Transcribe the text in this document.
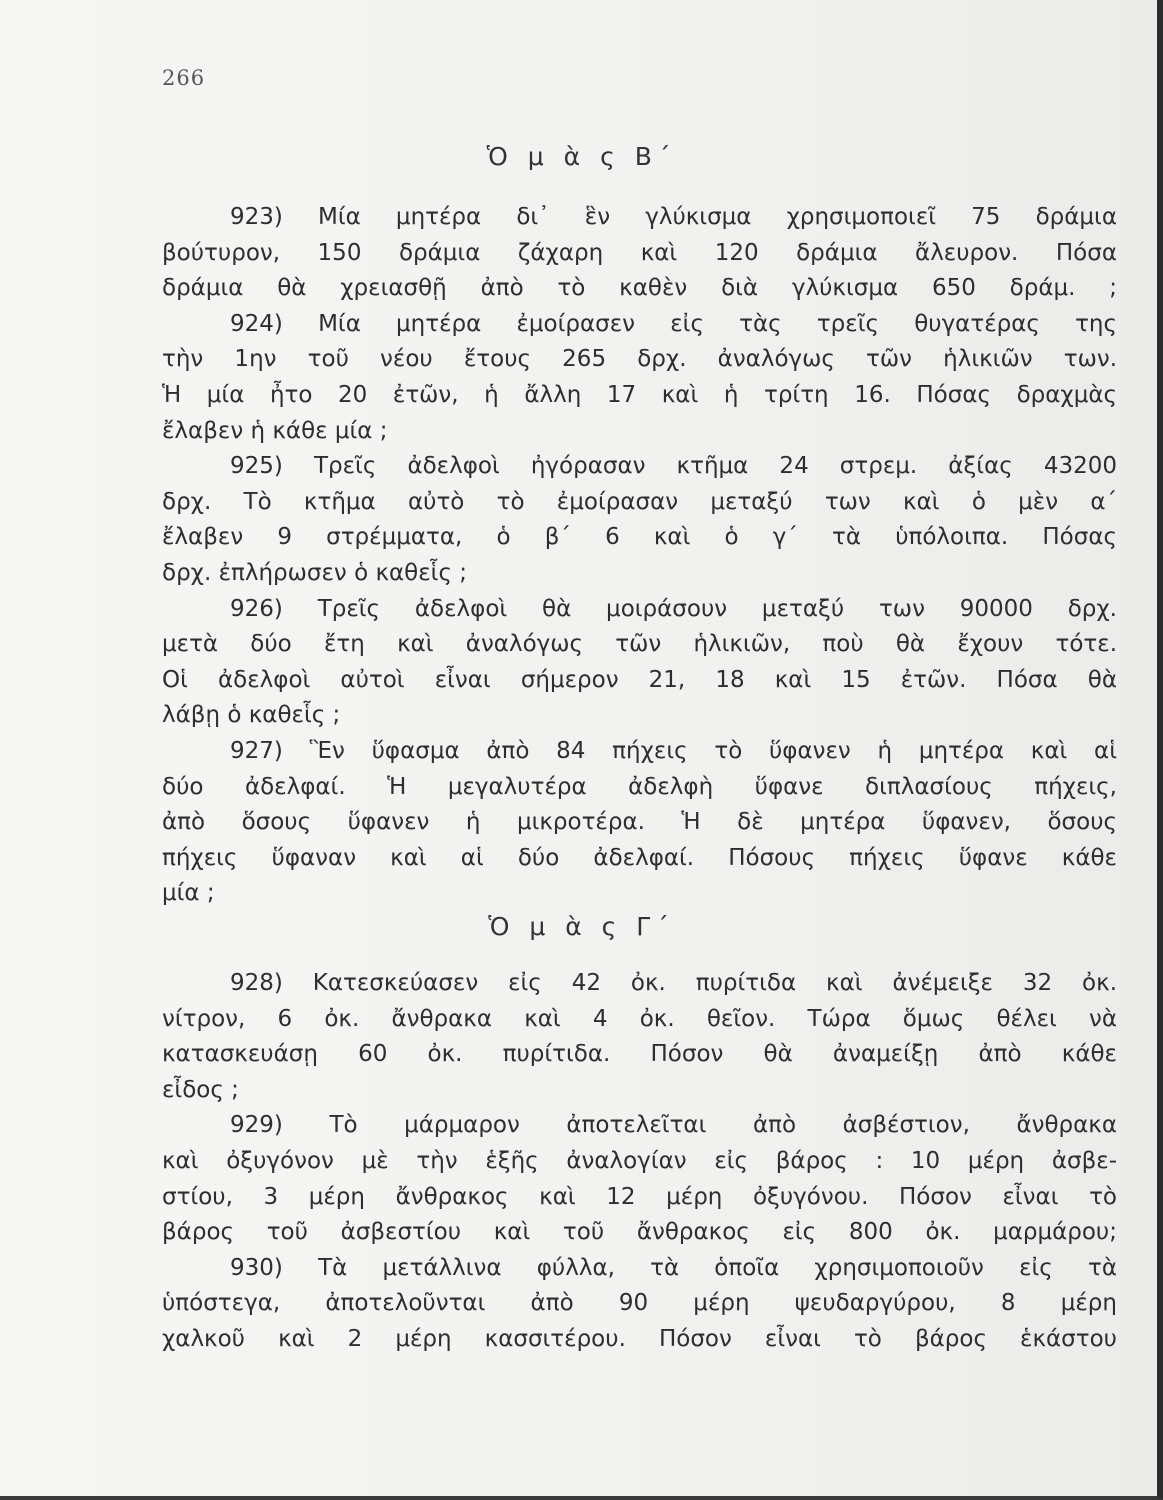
266
Ὁ μ ὰ ς Β΄
923) Μία μητέρα δι᾽ ἓν γλύκισμα χρησιμοποιεῖ 75 δράμια
βούτυρον, 150 δράμια ζάχαρη καὶ 120 δράμια ἄλευρον. Πόσα
δράμια θὰ χρειασθῇ ἀπὸ τὸ καθὲν διὰ γλύκισμα 650 δράμ. ;
924) Μία μητέρα ἐμοίρασεν εἰς τὰς τρεῖς θυγατέρας της
τὴν 1ην τοῦ νέου ἔτους 265 δρχ. ἀναλόγως τῶν ἡλικιῶν των.
Ἡ μία ἦτο 20 ἐτῶν, ἡ ἄλλη 17 καὶ ἡ τρίτη 16. Πόσας δραχμὰς
ἔλαβεν ἡ κάθε μία ;
925) Τρεῖς ἀδελφοὶ ἠγόρασαν κτῆμα 24 στρεμ. ἀξίας 43200
δρχ. Τὸ κτῆμα αὐτὸ τὸ ἐμοίρασαν μεταξύ των καὶ ὁ μὲν α΄
ἔλαβεν 9 στρέμματα, ὁ β΄ 6 καὶ ὁ γ΄ τὰ ὑπόλοιπα. Πόσας
δρχ. ἐπλήρωσεν ὁ καθεἷς ;
926) Τρεῖς ἀδελφοὶ θὰ μοιράσουν μεταξύ των 90000 δρχ.
μετὰ δύο ἔτη καὶ ἀναλόγως τῶν ἡλικιῶν, ποὺ θὰ ἔχουν τότε.
Οἱ ἀδελφοὶ αὐτοὶ εἶναι σήμερον 21, 18 καὶ 15 ἐτῶν. Πόσα θὰ
λάβῃ ὁ καθεἷς ;
927) Ἓν ὕφασμα ἀπὸ 84 πήχεις τὸ ὕφανεν ἡ μητέρα καὶ αἱ
δύο ἀδελφαί. Ἡ μεγαλυτέρα ἀδελφὴ ὕφανε διπλασίους πήχεις,
ἀπὸ ὅσους ὕφανεν ἡ μικροτέρα. Ἡ δὲ μητέρα ὕφανεν, ὅσους
πήχεις ὕφαναν καὶ αἱ δύο ἀδελφαί. Πόσους πήχεις ὕφανε κάθε
μία ;
Ὁ μ ὰ ς Γ΄
928) Κατεσκεύασεν εἰς 42 ὀκ. πυρίτιδα καὶ ἀνέμειξε 32 ὀκ.
νίτρον, 6 ὀκ. ἄνθρακα καὶ 4 ὀκ. θεῖον. Τώρα ὅμως θέλει νὰ
κατασκευάσῃ 60 ὀκ. πυρίτιδα. Πόσον θὰ ἀναμείξῃ ἀπὸ κάθε
εἶδος ;
929) Τὸ μάρμαρον ἀποτελεῖται ἀπὸ ἀσβέστιον, ἄνθρακα
καὶ ὀξυγόνον μὲ τὴν ἑξῆς ἀναλογίαν εἰς βάρος : 10 μέρη ἀσβε-
στίου, 3 μέρη ἄνθρακος καὶ 12 μέρη ὀξυγόνου. Πόσον εἶναι τὸ
βάρος τοῦ ἀσβεστίου καὶ τοῦ ἄνθρακος εἰς 800 ὀκ. μαρμάρου;
930) Τὰ μετάλλινα φύλλα, τὰ ὁποῖα χρησιμοποιοῦν εἰς τὰ
ὑπόστεγα, ἀποτελοῦνται ἀπὸ 90 μέρη ψευδαργύρου, 8 μέρη
χαλκοῦ καὶ 2 μέρη κασσιτέρου. Πόσον εἶναι τὸ βάρος ἑκάστου
